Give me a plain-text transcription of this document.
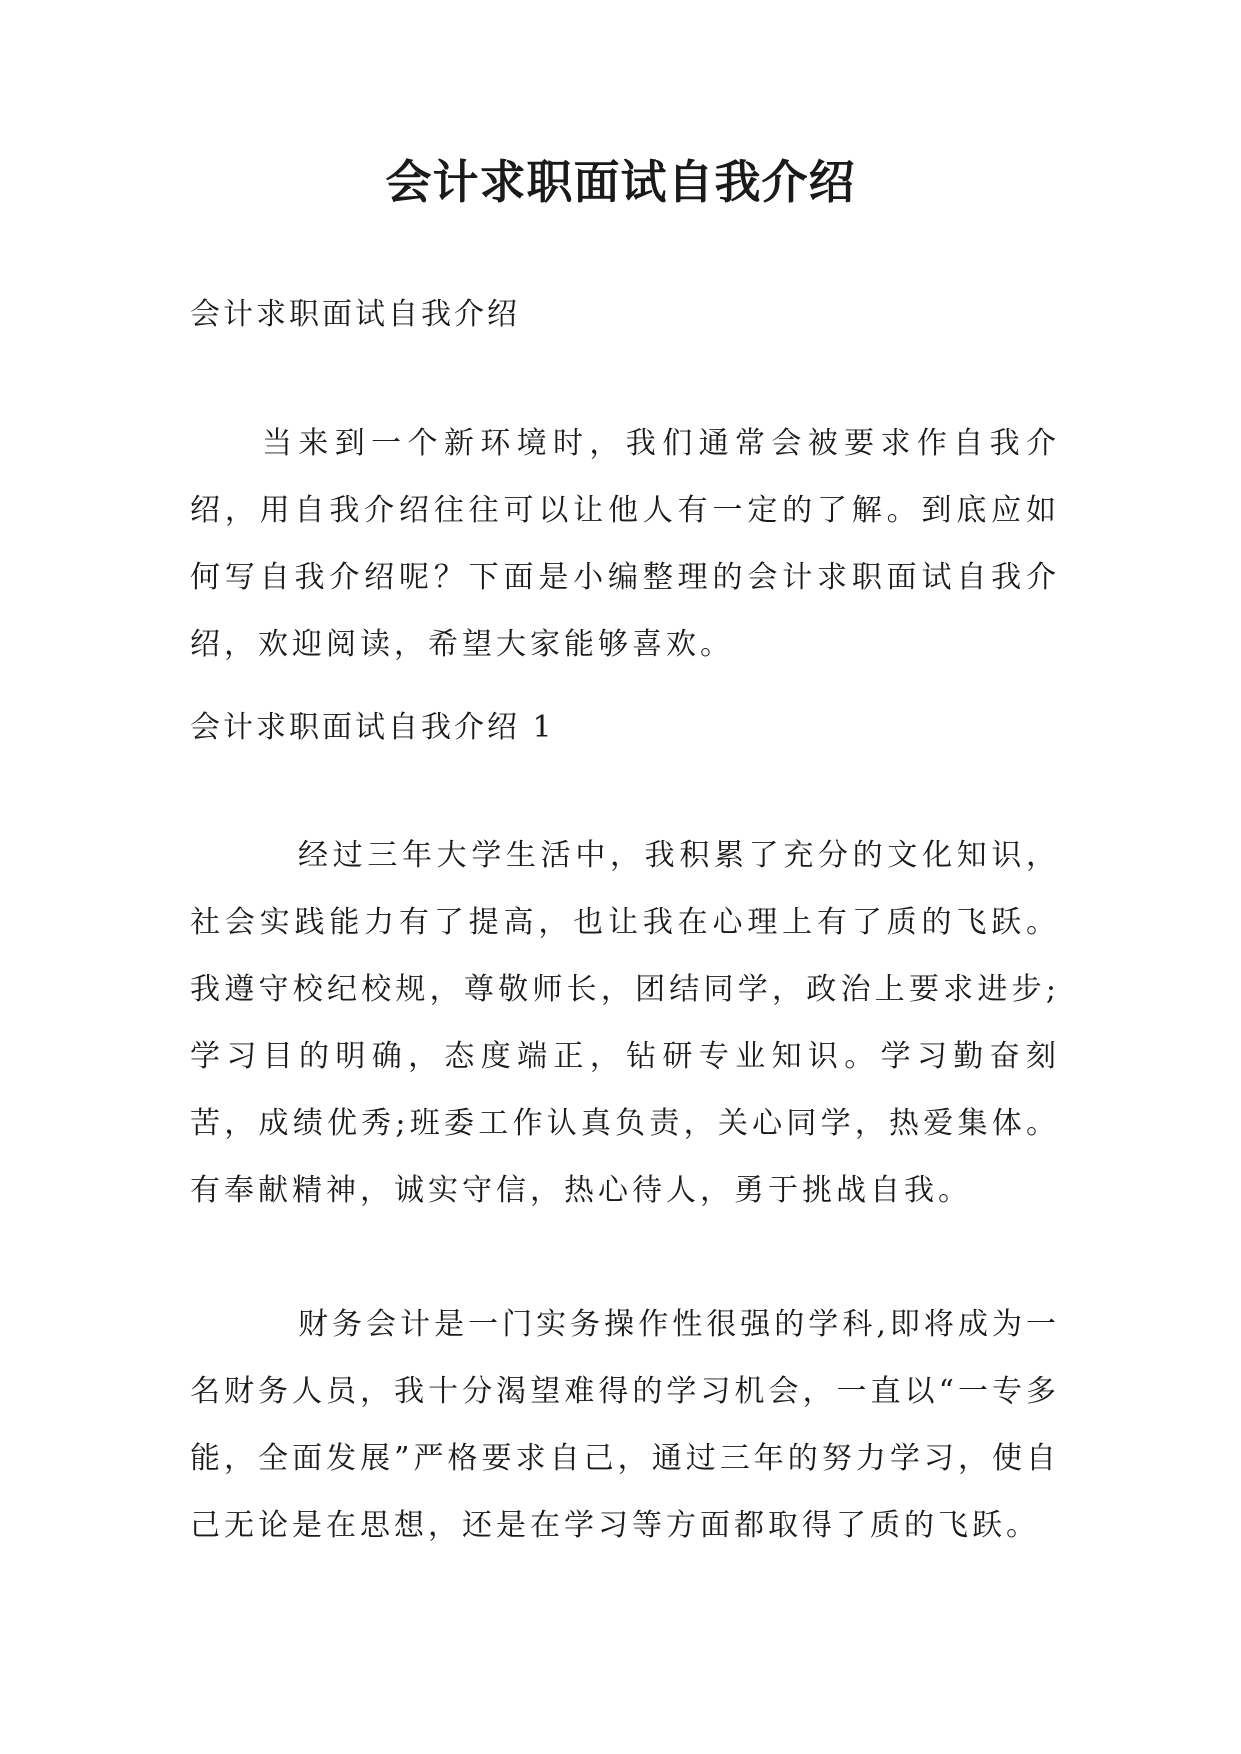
会计求职面试自我介绍

会计求职面试自我介绍

当来到一个新环境时，我们通常会被要求作自我介绍，用自我介绍往往可以让他人有一定的了解。到底应如何写自我介绍呢？下面是小编整理的会计求职面试自我介绍，欢迎阅读，希望大家能够喜欢。

会计求职面试自我介绍 1

经过三年大学生活中，我积累了充分的文化知识，社会实践能力有了提高，也让我在心理上有了质的飞跃。我遵守校纪校规，尊敬师长，团结同学，政治上要求进步;学习目的明确，态度端正，钻研专业知识。学习勤奋刻苦，成绩优秀;班委工作认真负责，关心同学，热爱集体。有奉献精神，诚实守信，热心待人，勇于挑战自我。

财务会计是一门实务操作性很强的学科,即将成为一名财务人员，我十分渴望难得的学习机会，一直以“一专多能，全面发展”严格要求自己，通过三年的努力学习，使自己无论是在思想，还是在学习等方面都取得了质的飞跃。
